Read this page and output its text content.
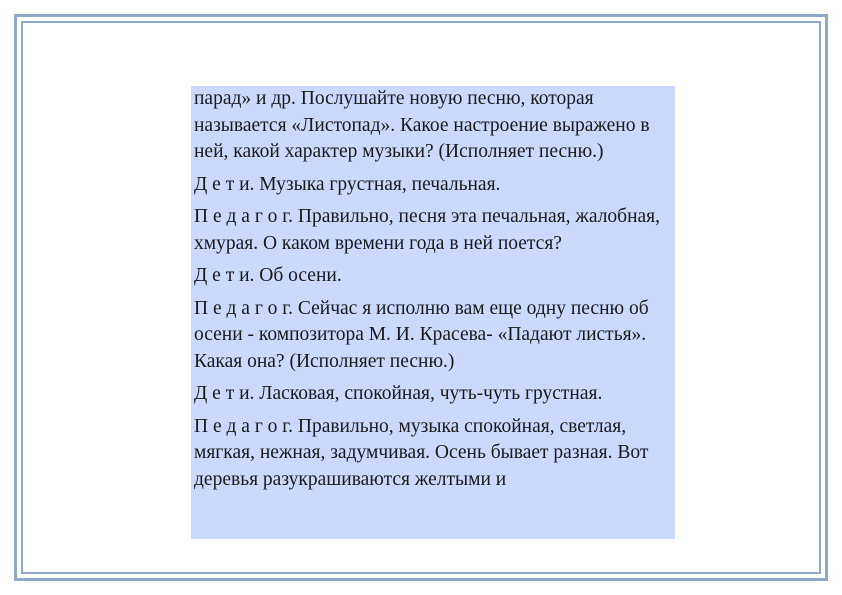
парад» и др. Послушайте новую песню, которая называется «Листопад». Какое настроение выражено в ней, какой характер музыки? (Исполняет песню.)

Д е т и. Музыка грустная, печальная.

П е д а г о г. Правильно, песня эта печальная, жалобная, хмурая. О каком времени года в ней поется?

Д е т и. Об осени.

П е д а г о г. Сейчас я исполню вам еще одну песню об осени - композитора М. И. Красева- «Падают листья». Какая она? (Исполняет песню.)

Д е т и. Ласковая, спокойная, чуть-чуть грустная.

П е д а г о г. Правильно, музыка спокойная, светлая, мягкая, нежная, задумчивая. Осень бывает разная. Вот деревья разукрашиваются желтыми и
